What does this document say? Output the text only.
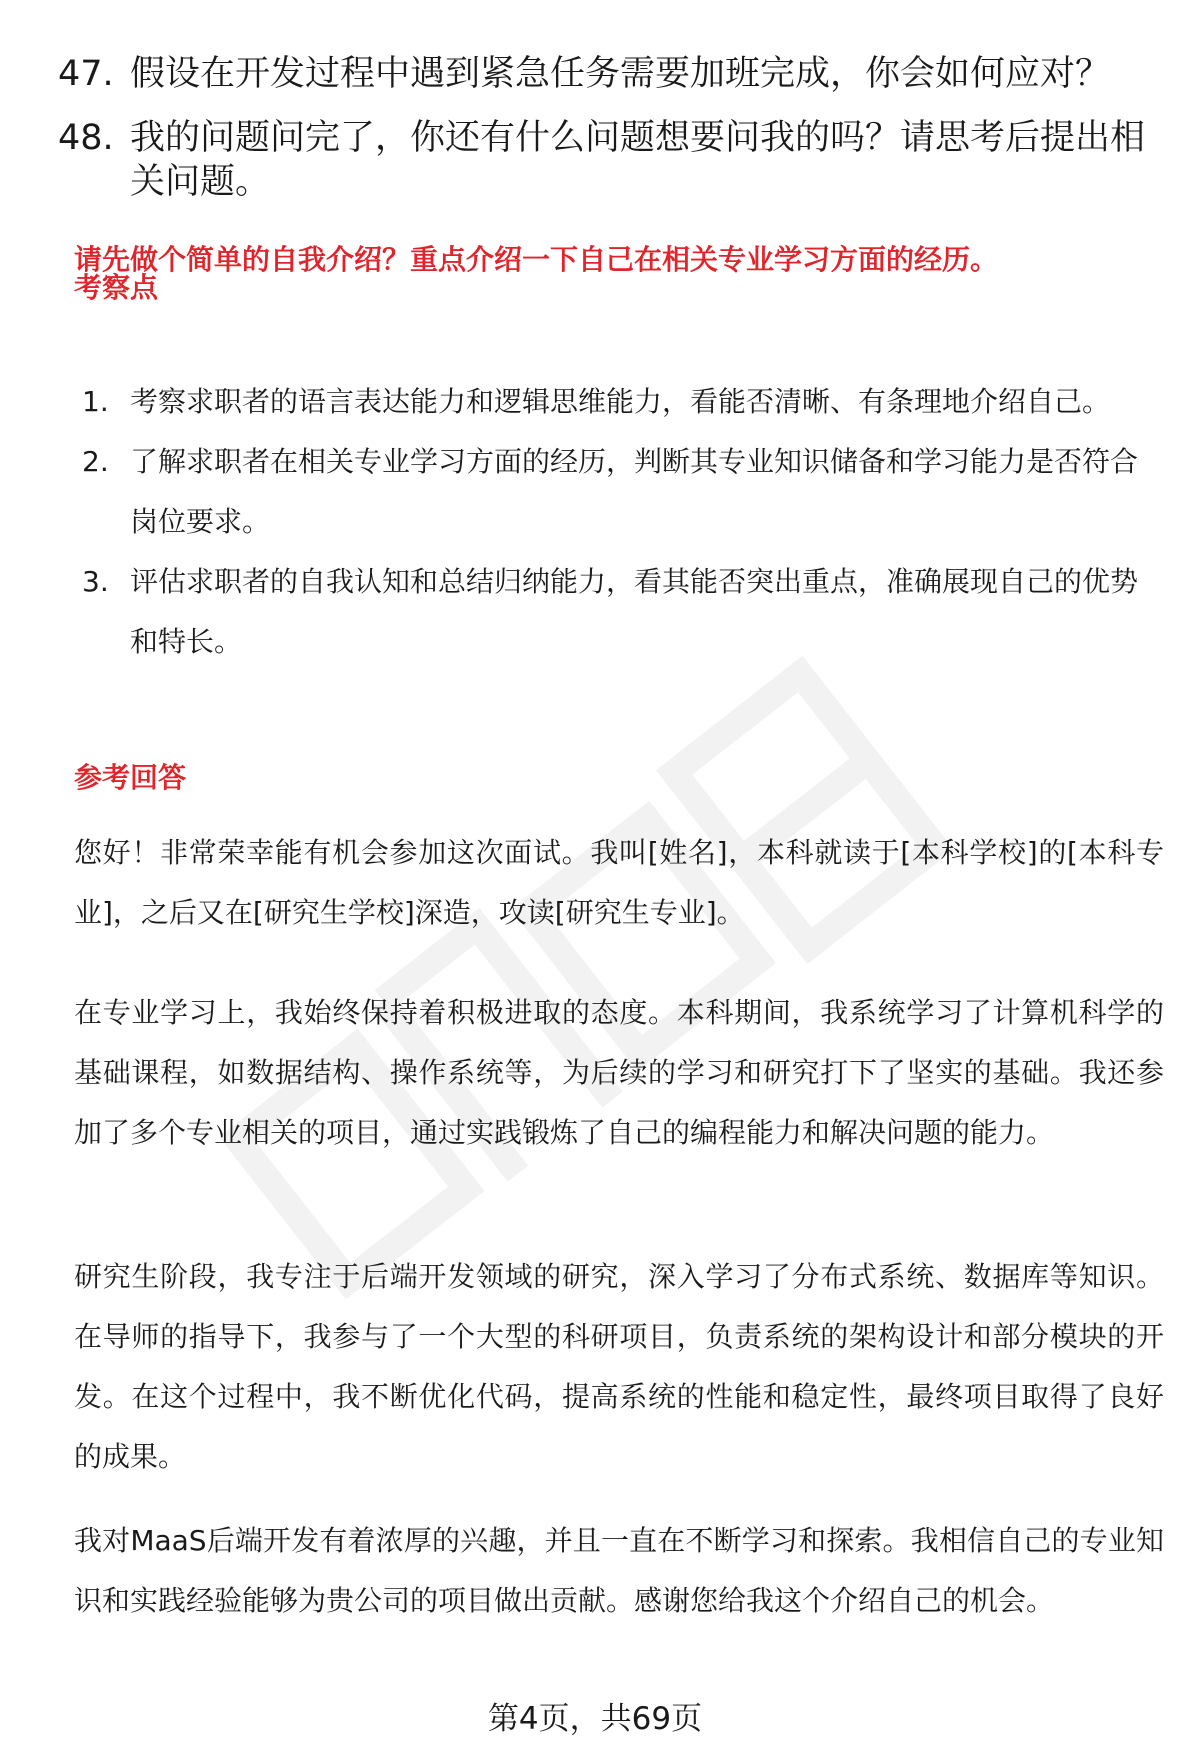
47. 假设在开发过程中遇到紧急任务需要加班完成，你会如何应对？
48. 我的问题问完了，你还有什么问题想要问我的吗？请思考后提出相关问题。
请先做个简单的自我介绍？重点介绍一下自己在相关专业学习方面的经历。
考察点
1. 考察求职者的语言表达能力和逻辑思维能力，看能否清晰、有条理地介绍自己。
2. 了解求职者在相关专业学习方面的经历，判断其专业知识储备和学习能力是否符合岗位要求。
3. 评估求职者的自我认知和总结归纳能力，看其能否突出重点，准确展现自己的优势和特长。
参考回答
您好！非常荣幸能有机会参加这次面试。我叫[姓名]，本科就读于[本科学校]的[本科专业]，之后又在[研究生学校]深造，攻读[研究生专业]。
在专业学习上，我始终保持着积极进取的态度。本科期间，我系统学习了计算机科学的基础课程，如数据结构、操作系统等，为后续的学习和研究打下了坚实的基础。我还参加了多个专业相关的项目，通过实践锻炼了自己的编程能力和解决问题的能力。
研究生阶段，我专注于后端开发领域的研究，深入学习了分布式系统、数据库等知识。在导师的指导下，我参与了一个大型的科研项目，负责系统的架构设计和部分模块的开发。在这个过程中，我不断优化代码，提高系统的性能和稳定性，最终项目取得了良好的成果。
我对MaaS后端开发有着浓厚的兴趣，并且一直在不断学习和探索。我相信自己的专业知识和实践经验能够为贵公司的项目做出贡献。感谢您给我这个介绍自己的机会。
第4页，共69页
